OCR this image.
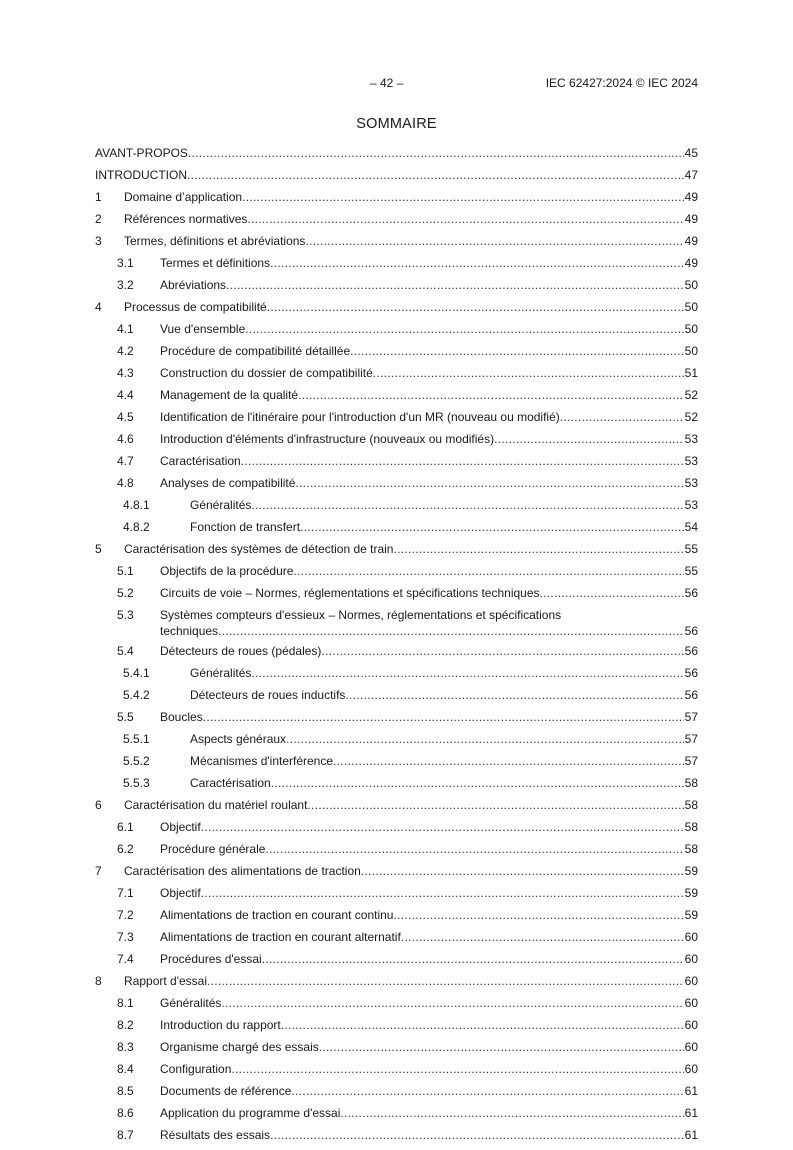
– 42 –	IEC 62427:2024 © IEC 2024
SOMMAIRE
AVANT-PROPOS .....	45
INTRODUCTION .....	47
1 Domaine d’application .....	49
2 Références normatives .....	49
3 Termes, définitions et abréviations .....	49
3.1 Termes et définitions .....	49
3.2 Abréviations .....	50
4 Processus de compatibilité .....	50
4.1 Vue d'ensemble .....	50
4.2 Procédure de compatibilité détaillée .....	50
4.3 Construction du dossier de compatibilité .....	51
4.4 Management de la qualité .....	52
4.5 Identification de l'itinéraire pour l'introduction d'un MR (nouveau ou modifié) .....	52
4.6 Introduction d'éléments d'infrastructure (nouveaux ou modifiés) .....	53
4.7 Caractérisation .....	53
4.8 Analyses de compatibilité .....	53
4.8.1	Généralités .....	53
4.8.2	Fonction de transfert .....	54
5 Caractérisation des systèmes de détection de train .....	55
5.1 Objectifs de la procédure .....	55
5.2 Circuits de voie – Normes, réglementations et spécifications techniques .....	56
5.3 Systèmes compteurs d'essieux – Normes, réglementations et spécifications
techniques .....	56
5.4 Détecteurs de roues (pédales) .....	56
5.4.1	Généralités .....	56
5.4.2	Détecteurs de roues inductifs .....	56
5.5 Boucles .....	57
5.5.1	Aspects généraux .....	57
5.5.2	Mécanismes d'interférence .....	57
5.5.3	Caractérisation .....	58
6 Caractérisation du matériel roulant .....	58
6.1 Objectif .....	58
6.2 Procédure générale .....	58
7 Caractérisation des alimentations de traction .....	59
7.1 Objectif .....	59
7.2 Alimentations de traction en courant continu .....	59
7.3 Alimentations de traction en courant alternatif .....	60
7.4 Procédures d'essai .....	60
8 Rapport d'essai .....	60
8.1 Généralités .....	60
8.2 Introduction du rapport .....	60
8.3 Organisme chargé des essais .....	60
8.4 Configuration .....	60
8.5 Documents de référence .....	61
8.6 Application du programme d'essai .....	61
8.7 Résultats des essais .....	61
